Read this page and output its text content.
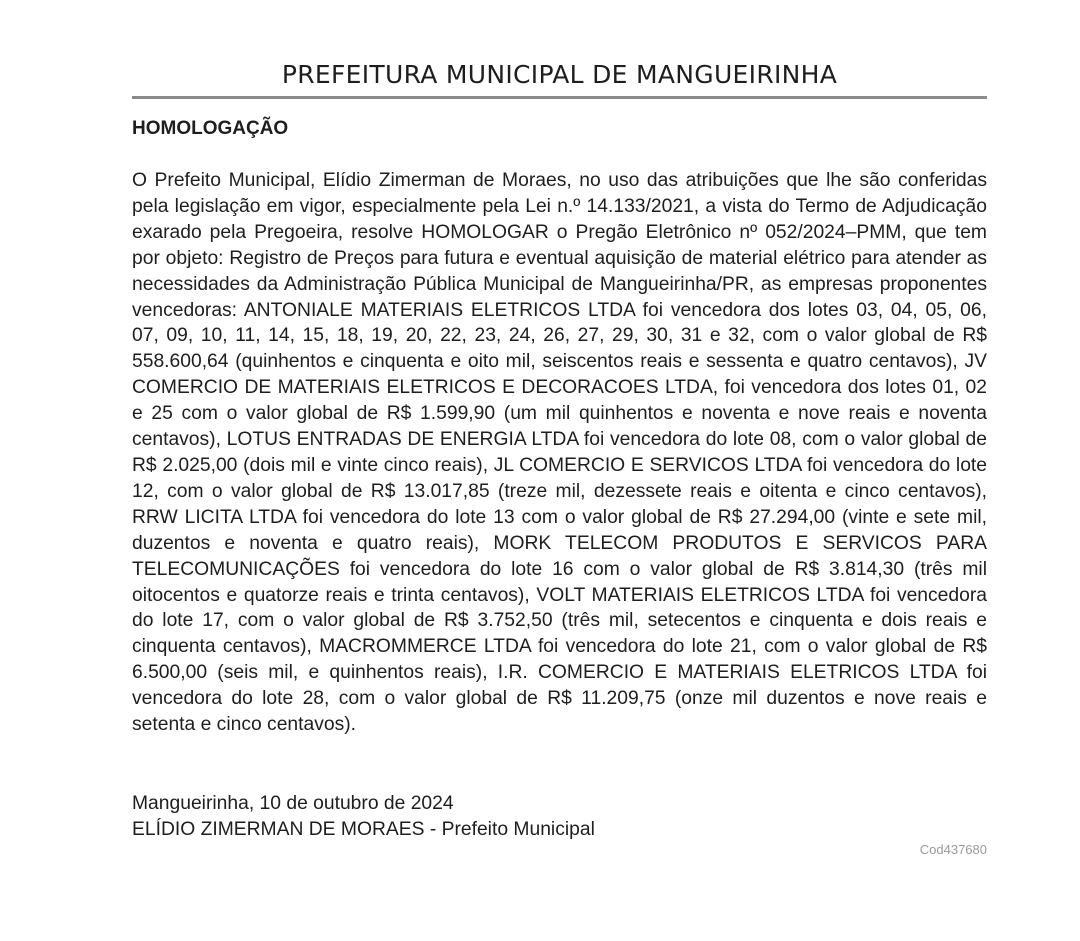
PREFEITURA MUNICIPAL DE MANGUEIRINHA
HOMOLOGAÇÃO

O Prefeito Municipal, Elídio Zimerman de Moraes, no uso das atribuições que lhe são conferidas pela legislação em vigor, especialmente pela Lei n.º 14.133/2021, a vista do Termo de Adjudicação exarado pela Pregoeira, resolve HOMOLOGAR o Pregão Eletrônico nº 052/2024–PMM, que tem por objeto: Registro de Preços para futura e eventual aquisição de material elétrico para atender as necessidades da Administração Pública Municipal de Mangueirinha/PR, as empresas proponentes vencedoras: ANTONIALE MATERIAIS ELETRICOS LTDA foi vencedora dos lotes 03, 04, 05, 06, 07, 09, 10, 11, 14, 15, 18, 19, 20, 22, 23, 24, 26, 27, 29, 30, 31 e 32, com o valor global de R$ 558.600,64 (quinhentos e cinquenta e oito mil, seiscentos reais e sessenta e quatro centavos), JV COMERCIO DE MATERIAIS ELETRICOS E DECORACOES LTDA, foi vencedora dos lotes 01, 02 e 25 com o valor global de R$ 1.599,90 (um mil quinhentos e noventa e nove reais e noventa centavos), LOTUS ENTRADAS DE ENERGIA LTDA foi vencedora do lote 08, com o valor global de R$ 2.025,00 (dois mil e vinte cinco reais), JL COMERCIO E SERVICOS LTDA foi vencedora do lote 12, com o valor global de R$ 13.017,85 (treze mil, dezessete reais e oitenta e cinco centavos), RRW LICITA LTDA foi vencedora do lote 13 com o valor global de R$ 27.294,00 (vinte e sete mil, duzentos e noventa e quatro reais), MORK TELECOM PRODUTOS E SERVICOS PARA TELECOMUNICAÇÕES foi vencedora do lote 16 com o valor global de R$ 3.814,30 (três mil oitocentos e quatorze reais e trinta centavos), VOLT MATERIAIS ELETRICOS LTDA foi vencedora do lote 17, com o valor global de R$ 3.752,50 (três mil, setecentos e cinquenta e dois reais e cinquenta centavos), MACROMMERCE LTDA foi vencedora do lote 21, com o valor global de R$ 6.500,00 (seis mil, e quinhentos reais), I.R. COMERCIO E MATERIAIS ELETRICOS LTDA foi vencedora do lote 28, com o valor global de R$ 11.209,75 (onze mil duzentos e nove reais e setenta e cinco centavos).

Mangueirinha, 10 de outubro de 2024
ELÍDIO ZIMERMAN DE MORAES - Prefeito Municipal
Cod437680
